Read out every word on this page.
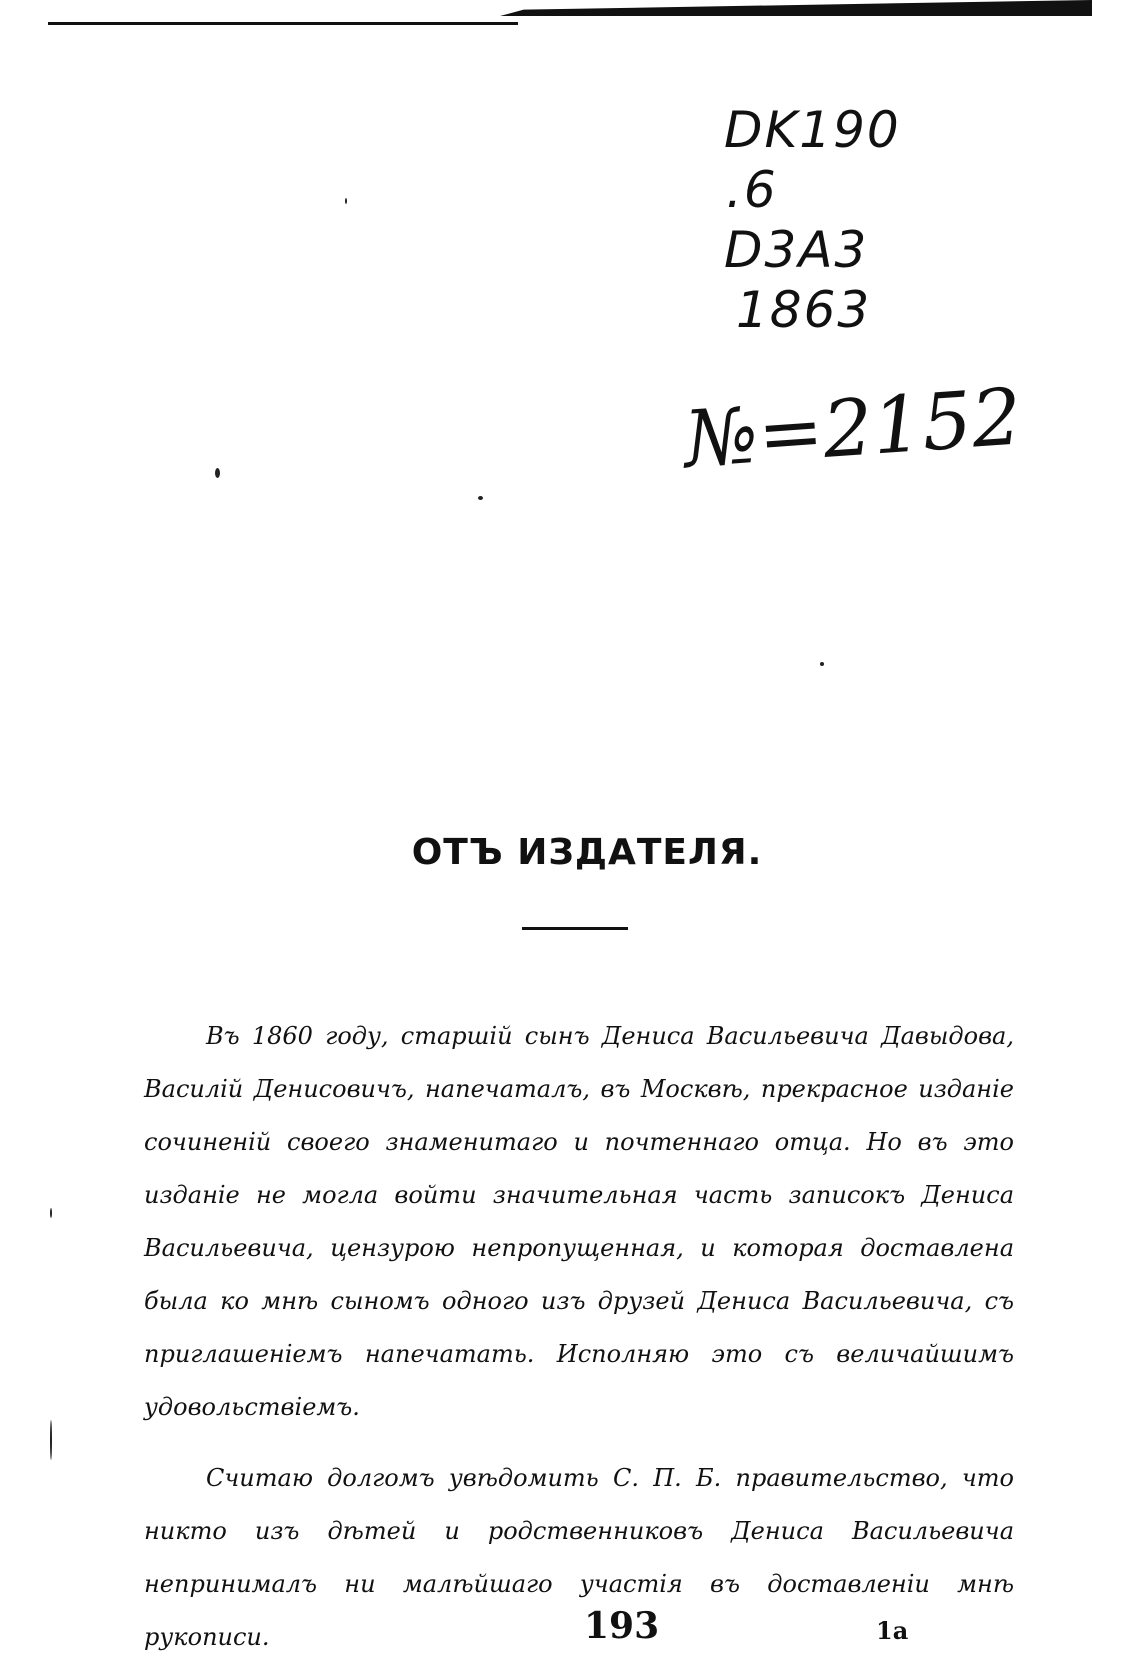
DK190
.6
D3A3
1863
№=2152
ОТЪ ИЗДАТЕЛЯ.

Въ 1860 году, старшій сынъ Дениса Васильевича Давыдова, Василій Денисовичъ, напечаталъ, въ Москвѣ, прекрасное изданіе сочиненій своего знаменитаго и почтеннаго отца. Но въ это изданіе не могла войти значительная часть записокъ Дениса Васильевича, цензурою непропущенная, и которая доставлена была ко мнѣ сыномъ одного изъ друзей Дениса Васильевича, съ приглашеніемъ напечатать. Исполняю это съ величайшимъ удовольствіемъ.

Считаю долгомъ увѣдомить С. П. Б. правительство, что никто изъ дѣтей и родственниковъ Дениса Васильевича непринималъ ни малѣйшаго участія въ доставленіи мнѣ рукописи.	193	1а
